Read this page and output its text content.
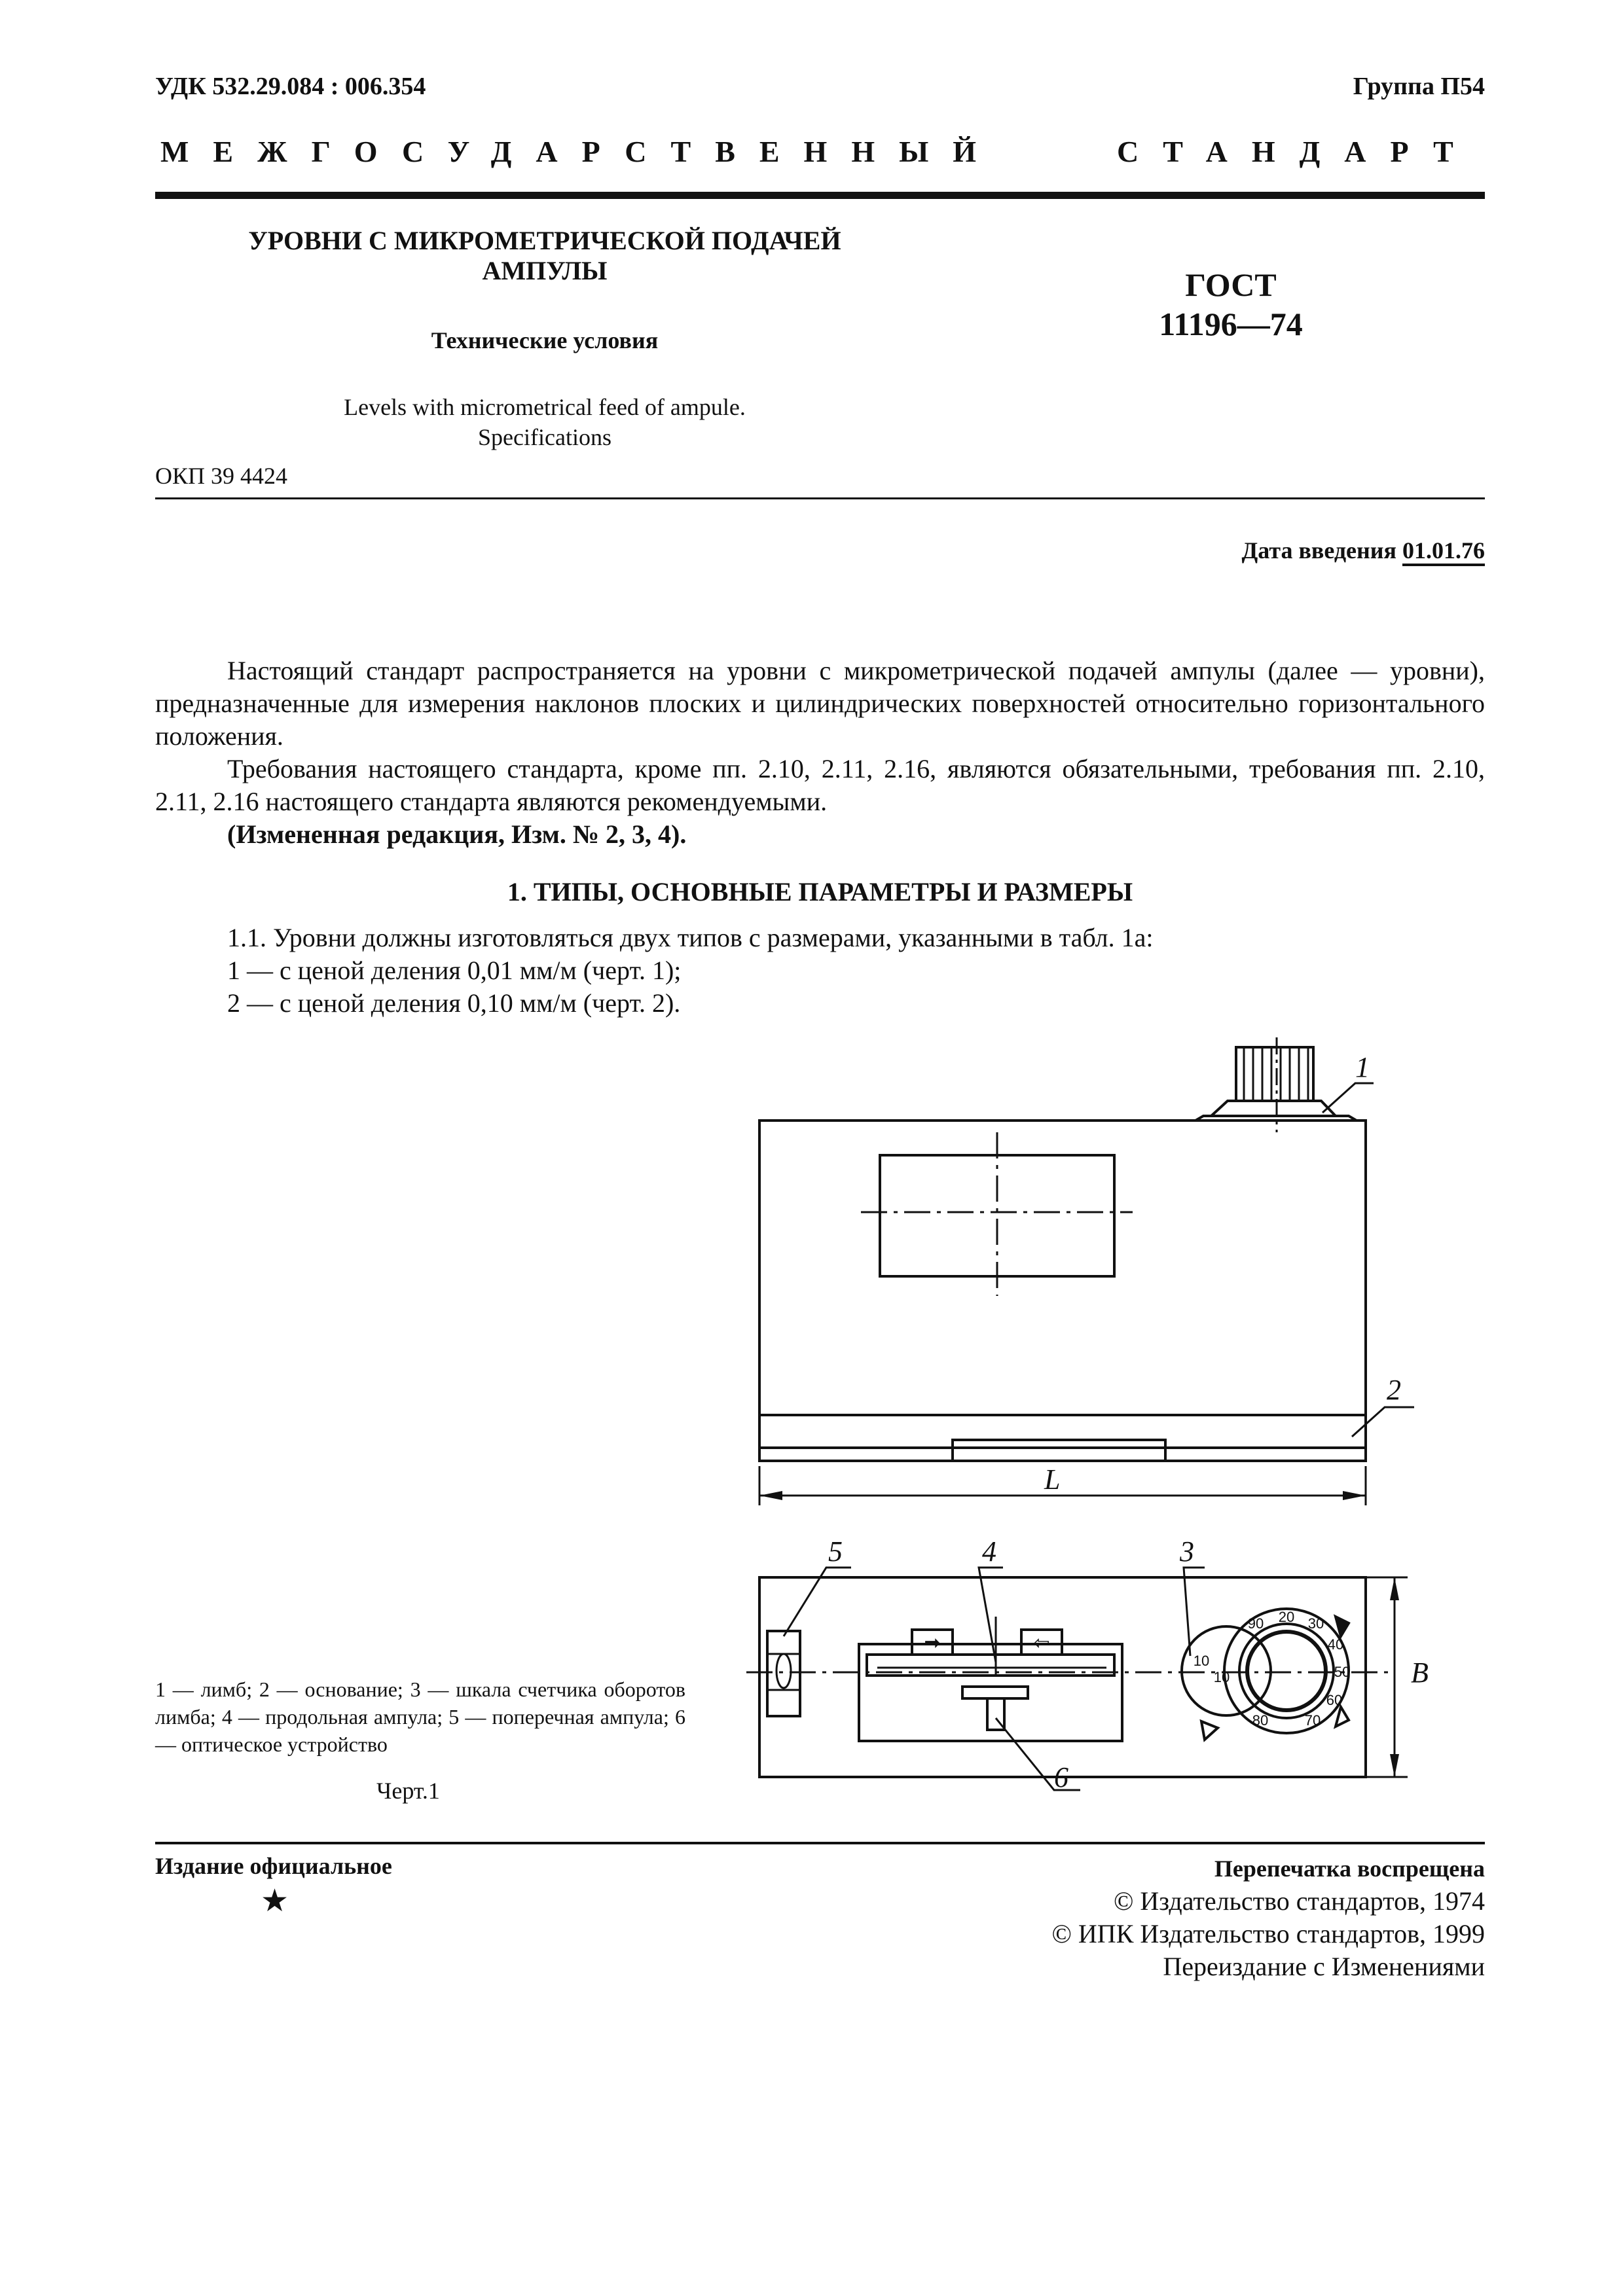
УДК 532.29.084 : 006.354	Группа П54
МЕЖГОСУДАРСТВЕННЫЙ	СТАНДАРТ
УРОВНИ С МИКРОМЕТРИЧЕСКОЙ ПОДАЧЕЙ
АМПУЛЫ
Технические условия
Levels with micrometrical feed of ampule.
Specifications
ГОСТ
11196—74
ОКП 39 4424
Дата введения 01.01.76

Настоящий стандарт распространяется на уровни с микрометрической подачей ампулы (далее — уровни), предназначенные для измерения наклонов плоских и цилиндрических поверхностей относительно горизонтального положения.

Требования настоящего стандарта, кроме пп. 2.10, 2.11, 2.16, являются обязательными, требования пп. 2.10, 2.11, 2.16 настоящего стандарта являются рекомендуемыми.

(Измененная редакция, Изм. № 2, 3, 4).

1. ТИПЫ, ОСНОВНЫЕ ПАРАМЕТРЫ И РАЗМЕРЫ

1.1. Уровни должны изготовляться двух типов с размерами, указанными в табл. 1а:

1 — с ценой деления 0,01 мм/м (черт. 1);

2 — с ценой деления 0,10 мм/м (черт. 2).

➡	⇦
20 30
40
50
60
70
80
90
10
10
1
2
3
4
5
6
L
B
1 — лимб; 2 — основание; 3 — шкала счетчика оборотов лимба; 4 — продольная ампула; 5 — поперечная ампула; 6 — оптическое устройство
Черт.1
Издание официальное
★
Перепечатка воспрещена
© Издательство стандартов, 1974
© ИПК Издательство стандартов, 1999
Переиздание с Изменениями
